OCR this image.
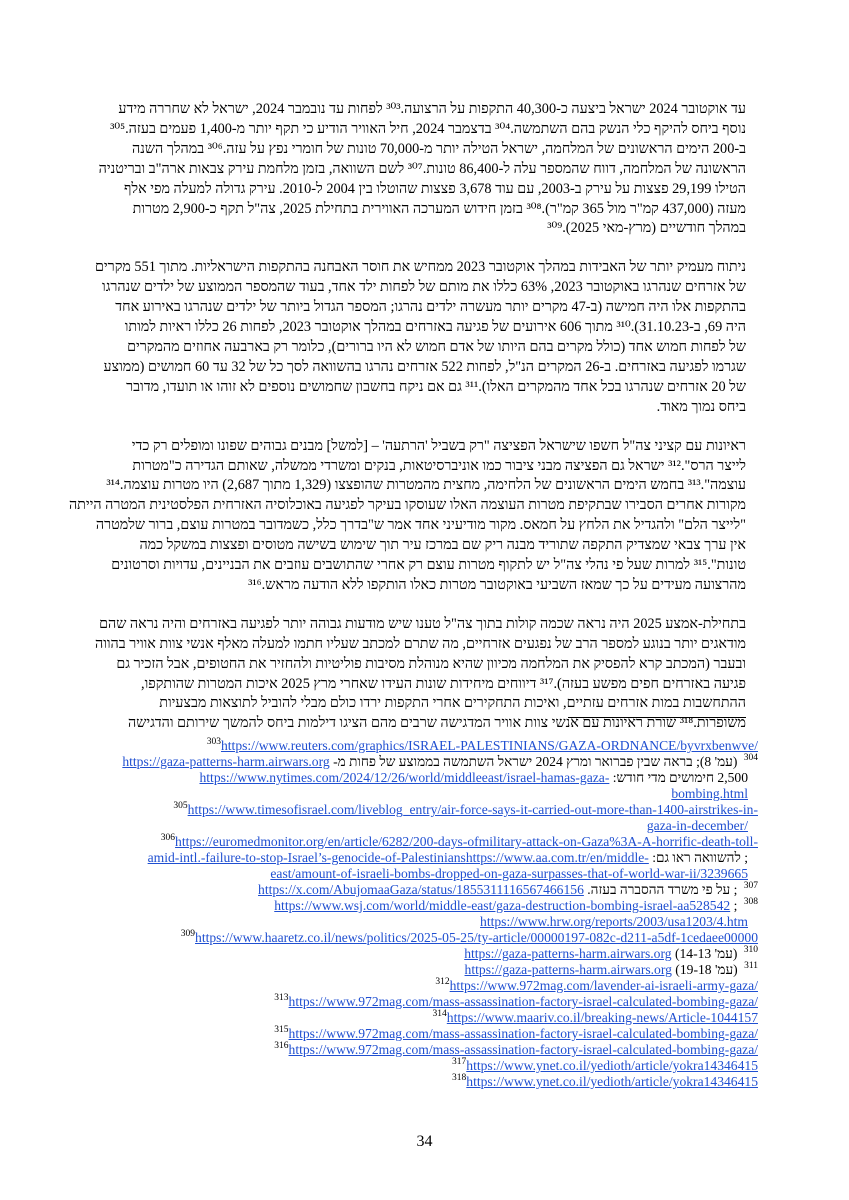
עד אוקטובר 2024 ישראל ביצעה כ-40,300 התקפות על הרצועה.³⁰³ לפחות עד נובמבר 2024, ישראל לא שחררה מידע
נוסף ביחס להיקף כלי הנשק בהם השתמשה.³⁰⁴ בדצמבר 2024, חיל האוויר הודיע כי תקף יותר מ-1,400 פעמים בעזה.³⁰⁵
ב-200 הימים הראשונים של המלחמה, ישראל הטילה יותר מ-70,000 טונות של חומרי נפץ על עזה.³⁰⁶ במהלך השנה
הראשונה של המלחמה, דווח שהמספר עלה ל-86,400 טונות.³⁰⁷ לשם השוואה, בזמן מלחמת עירק צבאות ארה"ב ובריטניה
הטילו 29,199 פצצות על עירק ב-2003, עם עוד 3,678 פצצות שהוטלו בין 2004 ל-2010. עירק גדולה למעלה מפי אלף
מעזה (437,000 קמ"ר מול 365 קמ"ר).³⁰⁸ בזמן חידוש המערכה האווירית בתחילת 2025, צה"ל תקף כ-2,900 מטרות
במהלך חודשיים (מרץ-מאי 2025).³⁰⁹
ניתוח מעמיק יותר של האבידות במהלך אוקטובר 2023 ממחיש את חוסר האבחנה בהתקפות הישראליות. מתוך 551 מקרים
של אזרחים שנהרגו באוקטובר 2023, 63% כללו את מותם של לפחות ילד אחד, בעוד שהמספר הממוצע של ילדים שנהרגו
בהתקפות אלו היה חמישה (ב-47 מקרים יותר מעשרה ילדים נהרגו; המספר הגדול ביותר של ילדים שנהרגו באירוע אחד
היה 69, ב-31.10.23).³¹⁰ מתוך 606 אירועים של פגיעה באזרחים במהלך אוקטובר 2023, לפחות 26 כללו ראיות למותו
של לפחות חמוש אחד (כולל מקרים בהם היותו של אדם חמוש לא היו ברורים), כלומר רק בארבעה אחוזים מהמקרים
שגרמו לפגיעה באזרחים. ב-26 המקרים הנ"ל, לפחות 522 אזרחים נהרגו בהשוואה לסך כל של 32 עד 60 חמושים (ממוצע
של 20 אזרחים שנהרגו בכל אחד מהמקרים האלו).³¹¹ גם אם ניקח בחשבון שחמושים נוספים לא זוהו או תועדו, מדובר
ביחס נמוך מאוד.
ראיונות עם קציני צה"ל חשפו שישראל הפציצה "רק בשביל 'הרתעה' – [למשל] מבנים גבוהים שפונו ומופלים רק כדי
לייצר הרס".³¹² ישראל גם הפציצה מבני ציבור כמו אוניברסיטאות, בנקים ומשרדי ממשלה, שאותם הגדירה כ"מטרות
עוצמה".³¹³ בחמש הימים הראשונים של הלחימה, מחצית מהמטרות שהופצצו (1,329 מתוך 2,687) היו מטרות עוצמה.³¹⁴
מקורות אחרים הסבירו שבתקיפת מטרות העוצמה האלו שעוסקו בעיקר לפגיעה באוכלוסיה האזרחית הפלסטינית המטרה הייתה
"לייצר הלם" ולהגדיל את הלחץ על חמאס. מקור מודיעיני אחד אמר ש"בדרך כלל, כשמדובר במטרות עוצם, ברור שלמטרה
אין ערך צבאי שמצדיק התקפה שתוריד מבנה ריק שם במרכז עיר תוך שימוש בשישה מטוסים ופצצות במשקל כמה
טונות".³¹⁵ למרות שעל פי נהלי צה"ל יש לתקוף מטרות עוצם רק אחרי שהתושבים עוזבים את הבניינים, עדויות וסרטונים
מהרצועה מעידים על כך שמאז השביעי באוקטובר מטרות כאלו הותקפו ללא הודעה מראש.³¹⁶
בתחילת-אמצע 2025 היה נראה שכמה קולות בתוך צה"ל טענו שיש מודעות גבוהה יותר לפגיעה באזרחים והיה נראה שהם
מודאגים יותר בנוגע למספר הרב של נפגעים אזרחיים, מה שתרם למכתב שעליו חתמו למעלה מאלף אנשי צוות אוויר בהווה
ובעבר (המכתב קרא להפסיק את המלחמה מכיוון שהיא מנוהלת מסיבות פוליטיות ולהחזיר את החטופים, אבל הזכיר גם
פגיעה באזרחים חפים מפשע בעזה).³¹⁷ דיווחים מיחידות שונות העידו שאחרי מרץ 2025 איכות המטרות שהותקפו,
ההתחשבות במות אזרחים עזתיים, ואיכות התחקירים אחרי התקפות ירדו כולם מבלי להוביל לתוצאות מבצעיות
משופרות.³¹⁸ שורת ראיונות עם אנשי צוות אוויר המדגישה שרבים מהם הציגו דילמות ביחס להמשך שירותם והדגישה
$^{303}$https://www.reuters.com/graphics/ISRAEL-PALESTINIANS/GAZA-ORDNANCE/byvrxbenwve/
$^{304}$ (עמ' 8); בראה שבין פברואר ומרץ 2024 ישראל השתמשה בממוצע של פחות מ- https://gaza-patterns-harm.airwars.org
2,500 חימושים מדי חודש: https://www.nytimes.com/2024/12/26/world/middleeast/israel-hamas-gaza-
bombing.html
$^{305}$https://www.timesofisrael.com/liveblog_entry/air-force-says-it-carried-out-more-than-1400-airstrikes-in-
gaza-in-december/
$^{306}$https://euromedmonitor.org/en/article/6282/200-days-ofmilitary-attack-on-Gaza%3A-A-horrific-death-toll-
; להשוואה ראו גם: amid-intl.-failure-to-stop-Israel’s-genocide-of-Palestinianshttps://www.aa.com.tr/en/middle-
east/amount-of-israeli-bombs-dropped-on-gaza-surpasses-that-of-world-war-ii/3239665
$^{307}$ ; על פי משרד ההסברה בעזה. https://x.com/AbujomaaGaza/status/1855311116567466156
$^{308}$ ; https://www.wsj.com/world/middle-east/gaza-destruction-bombing-israel-aa528542
https://www.hrw.org/reports/2003/usa1203/4.htm
$^{309}$https://www.haaretz.co.il/news/politics/2025-05-25/ty-article/00000197-082c-d211-a5df-1cedaee00000
$^{310}$ (עמ' 14-13) https://gaza-patterns-harm.airwars.org
$^{311}$ (עמ' 19-18) https://gaza-patterns-harm.airwars.org
$^{312}$https://www.972mag.com/lavender-ai-israeli-army-gaza/
$^{313}$https://www.972mag.com/mass-assassination-factory-israel-calculated-bombing-gaza/
$^{314}$https://www.maariv.co.il/breaking-news/Article-1044157
$^{315}$https://www.972mag.com/mass-assassination-factory-israel-calculated-bombing-gaza/
$^{316}$https://www.972mag.com/mass-assassination-factory-israel-calculated-bombing-gaza/
$^{317}$https://www.ynet.co.il/yedioth/article/yokra14346415
$^{318}$https://www.ynet.co.il/yedioth/article/yokra14346415
34
